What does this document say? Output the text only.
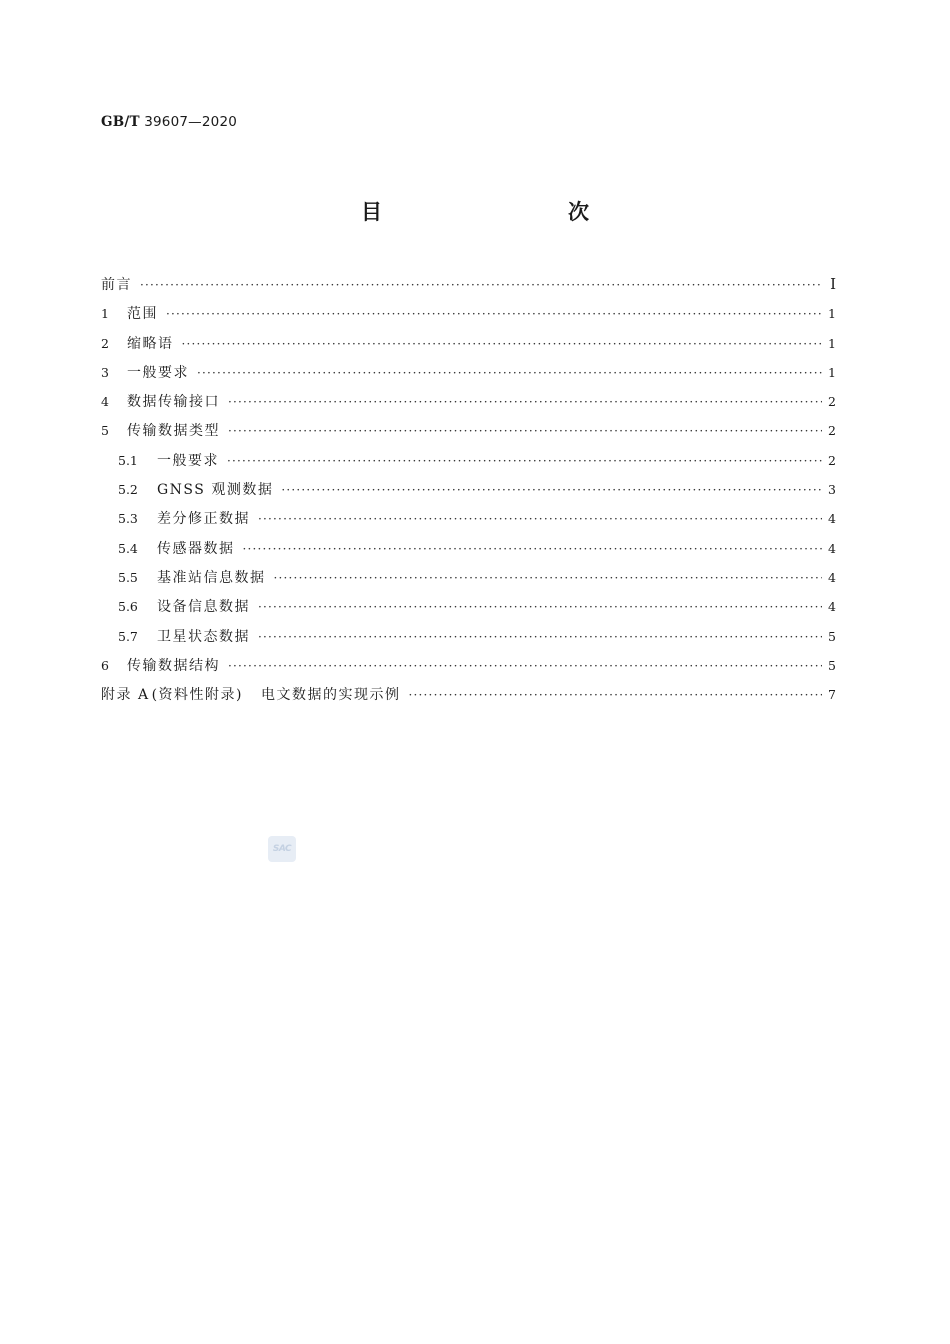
GB/T 39607—2020
目　　次
前言 ·····	Ⅰ
1	范围 ·····	1
2	缩略语 ·····	1
3	一般要求 ·····	1
4	数据传输接口 ·····	2
5	传输数据类型 ·····	2
5.1	一般要求 ·····	2
5.2	GNSS 观测数据 ·····	3
5.3	差分修正数据 ·····	4
5.4	传感器数据 ·····	4
5.5	基准站信息数据 ·····	4
5.6	设备信息数据 ·····	4
5.7	卫星状态数据 ·····	5
6	传输数据结构 ·····	5
附录 A (资料性附录) 电文数据的实现示例 ·····	7
SAC
